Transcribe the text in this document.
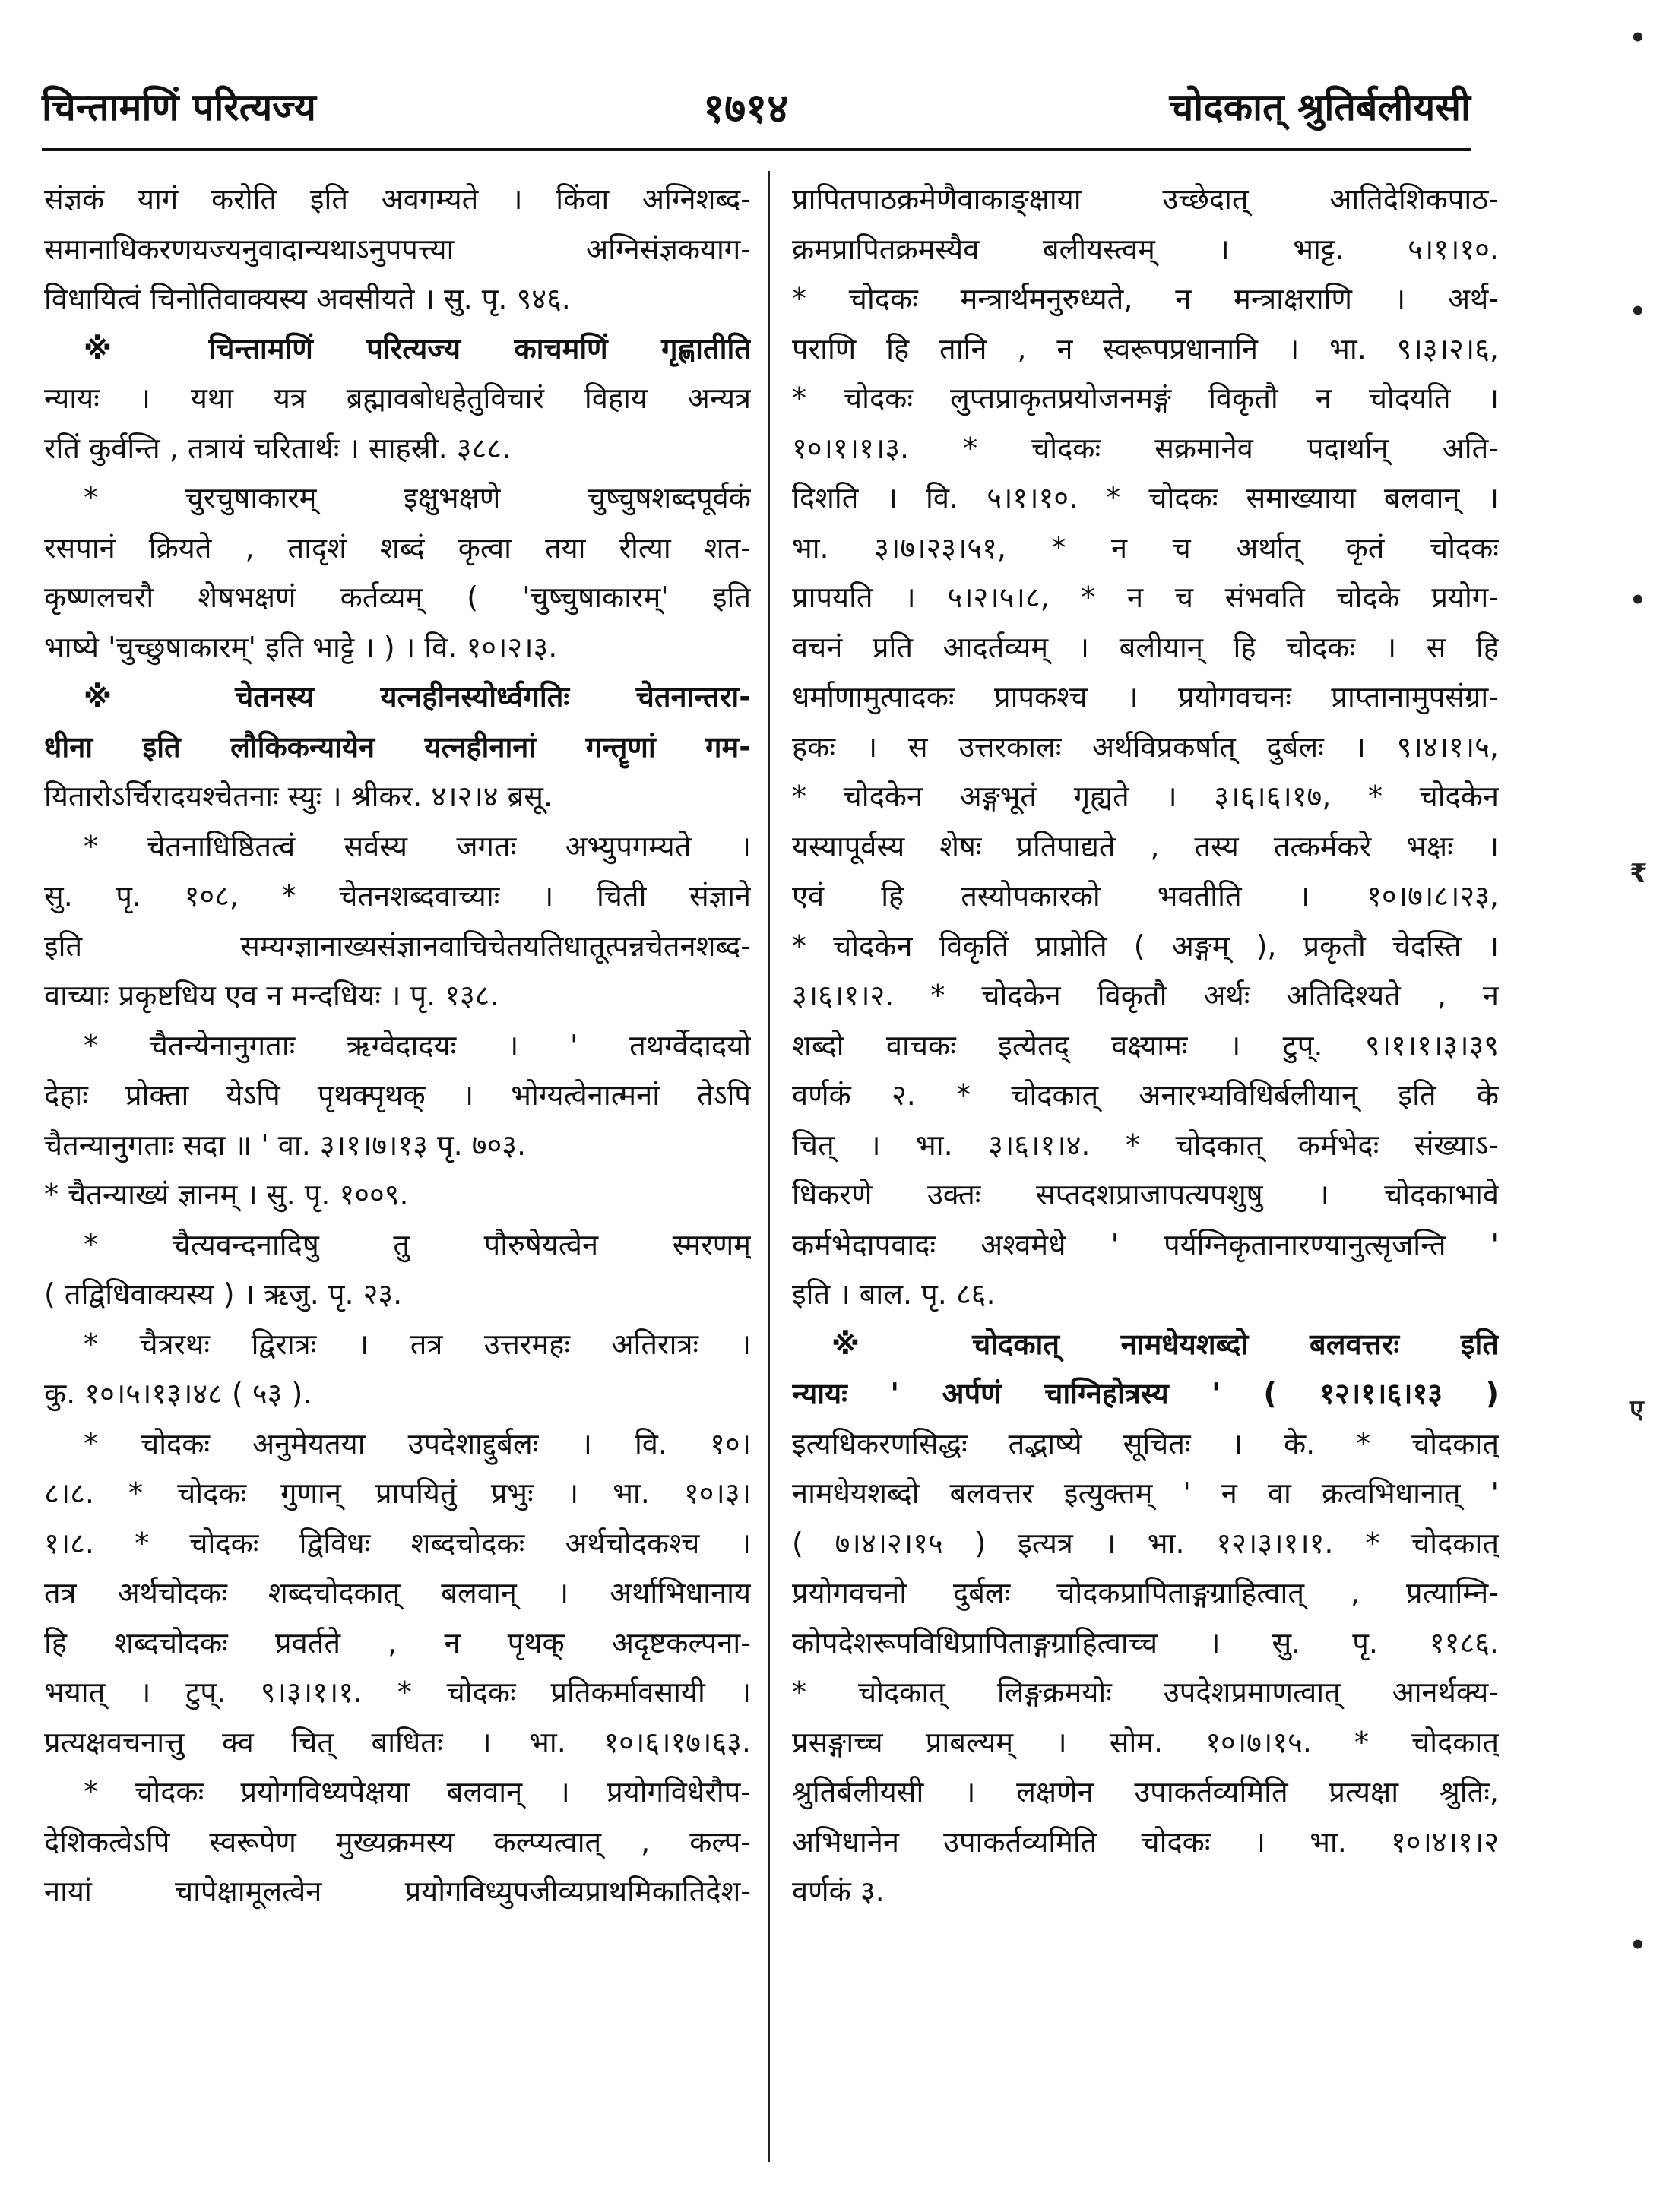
चिन्तामणिं परित्यज्य	१७१४	चोदकात् श्रुतिर्बलीयसी
संज्ञकं यागं करोति इति अवगम्यते । किंवा अग्निशब्द-
समानाधिकरणयज्यनुवादान्यथाऽनुपपत्त्या अग्निसंज्ञकयाग-
विधायित्वं चिनोतिवाक्यस्य अवसीयते । सु. पृ. ९४६.
※ चिन्तामणिं परित्यज्य काचमणिं गृह्णातीति
न्यायः । यथा यत्र ब्रह्मावबोधहेतुविचारं विहाय अन्यत्र
रतिं कुर्वन्ति , तत्रायं चरितार्थः । साहस्री. ३८८.
* चुरचुषाकारम् इक्षुभक्षणे चुष्चुषशब्दपूर्वकं
रसपानं क्रियते , तादृशं शब्दं कृत्वा तया रीत्या शत-
कृष्णलचरौ शेषभक्षणं कर्तव्यम् ( 'चुष्चुषाकारम्' इति
भाष्ये 'चुच्छुषाकारम्' इति भाट्टे । ) । वि. १०।२।३.
※ चेतनस्य यत्नहीनस्योर्ध्वगतिः चेतनान्तरा-
धीना इति लौकिकन्यायेन यत्नहीनानां गन्तॄणां गम-
यितारोऽर्चिरादयश्चेतनाः स्युः । श्रीकर. ४।२।४ ब्रसू.
* चेतनाधिष्ठितत्वं सर्वस्य जगतः अभ्युपगम्यते ।
सु. पृ. १०८, * चेतनशब्दवाच्याः । चिती संज्ञाने
इति सम्यग्ज्ञानाख्यसंज्ञानवाचिचेतयतिधातूत्पन्नचेतनशब्द-
वाच्याः प्रकृष्टधिय एव न मन्दधियः । पृ. १३८.
* चैतन्येनानुगताः ऋग्वेदादयः । ' तथर्ग्वेदादयो
देहाः प्रोक्ता येऽपि पृथक्पृथक् । भोग्यत्वेनात्मनां तेऽपि
चैतन्यानुगताः सदा ॥ ' वा. ३।१।७।१३ पृ. ७०३.
* चैतन्याख्यं ज्ञानम् । सु. पृ. १००९.
* चैत्यवन्दनादिषु तु पौरुषेयत्वेन स्मरणम्
( तद्विधिवाक्यस्य ) । ऋजु. पृ. २३.
* चैत्ररथः द्विरात्रः । तत्र उत्तरमहः अतिरात्रः ।
कु. १०।५।१३।४८ ( ५३ ).
* चोदकः अनुमेयतया उपदेशाद्दुर्बलः । वि. १०।
८।८. * चोदकः गुणान् प्रापयितुं प्रभुः । भा. १०।३।
१।८. * चोदकः द्विविधः शब्दचोदकः अर्थचोदकश्च ।
तत्र अर्थचोदकः शब्दचोदकात् बलवान् । अर्थाभिधानाय
हि शब्दचोदकः प्रवर्तते , न पृथक् अदृष्टकल्पना-
भयात् । टुप्. ९।३।१।१. * चोदकः प्रतिकर्मावसायी ।
प्रत्यक्षवचनात्तु क्व चित् बाधितः । भा. १०।६।१७।६३.
* चोदकः प्रयोगविध्यपेक्षया बलवान् । प्रयोगविधेरौप-
देशिकत्वेऽपि स्वरूपेण मुख्यक्रमस्य कल्प्यत्वात् , कल्प-
नायां चापेक्षामूलत्वेन प्रयोगविध्युपजीव्यप्राथमिकातिदेश-
प्रापितपाठक्रमेणैवाकाङ्क्षाया उच्छेदात् आतिदेशिकपाठ-
क्रमप्रापितक्रमस्यैव बलीयस्त्वम् । भाट्ट. ५।१।१०.
* चोदकः मन्त्रार्थमनुरुध्यते, न मन्त्राक्षराणि । अर्थ-
पराणि हि तानि , न स्वरूपप्रधानानि । भा. ९।३।२।६,
* चोदकः लुप्तप्राकृतप्रयोजनमङ्गं विकृतौ न चोदयति ।
१०।१।१।३. * चोदकः सक्रमानेव पदार्थान् अति-
दिशति । वि. ५।१।१०. * चोदकः समाख्याया बलवान् ।
भा. ३।७।२३।५१, * न च अर्थात् कृतं चोदकः
प्रापयति । ५।२।५।८, * न च संभवति चोदके प्रयोग-
वचनं प्रति आदर्तव्यम् । बलीयान् हि चोदकः । स हि
धर्माणामुत्पादकः प्रापकश्च । प्रयोगवचनः प्राप्तानामुपसंग्रा-
हकः । स उत्तरकालः अर्थविप्रकर्षात् दुर्बलः । ९।४।१।५,
* चोदकेन अङ्गभूतं गृह्यते । ३।६।६।१७, * चोदकेन
यस्यापूर्वस्य शेषः प्रतिपाद्यते , तस्य तत्कर्मकरे भक्षः ।
एवं हि तस्योपकारको भवतीति । १०।७।८।२३,
* चोदकेन विकृतिं प्राप्नोति ( अङ्गम् ), प्रकृतौ चेदस्ति ।
३।६।१।२. * चोदकेन विकृतौ अर्थः अतिदिश्यते , न
शब्दो वाचकः इत्येतद् वक्ष्यामः । टुप्. ९।१।१।३।३९
वर्णकं २. * चोदकात् अनारभ्यविधिर्बलीयान् इति के
चित् । भा. ३।६।१।४. * चोदकात् कर्मभेदः संख्याऽ-
धिकरणे उक्तः सप्तदशप्राजापत्यपशुषु । चोदकाभावे
कर्मभेदापवादः अश्वमेधे ' पर्यग्निकृतानारण्यानुत्सृजन्ति '
इति । बाल. पृ. ८६.
※ चोदकात् नामधेयशब्दो बलवत्तरः इति
न्यायः ' अर्पणं चाग्निहोत्रस्य ' ( १२।१।६।१३ )
इत्यधिकरणसिद्धः तद्भाष्ये सूचितः । के. * चोदकात्
नामधेयशब्दो बलवत्तर इत्युक्तम् ' न वा क्रत्वभिधानात् '
( ७।४।२।१५ ) इत्यत्र । भा. १२।३।१।१. * चोदकात्
प्रयोगवचनो दुर्बलः चोदकप्रापिताङ्गग्राहित्वात् , प्रत्याम्नि-
कोपदेशरूपविधिप्रापिताङ्गग्राहित्वाच्च । सु. पृ. ११८६.
* चोदकात् लिङ्गक्रमयोः उपदेशप्रमाणत्वात् आनर्थक्य-
प्रसङ्गाच्च प्राबल्यम् । सोम. १०।७।१५. * चोदकात्
श्रुतिर्बलीयसी । लक्षणेन उपाकर्तव्यमिति प्रत्यक्षा श्रुतिः,
अभिधानेन उपाकर्तव्यमिति चोदकः । भा. १०।४।१।२
वर्णकं ३.
•
•
•
₹
ए
•
